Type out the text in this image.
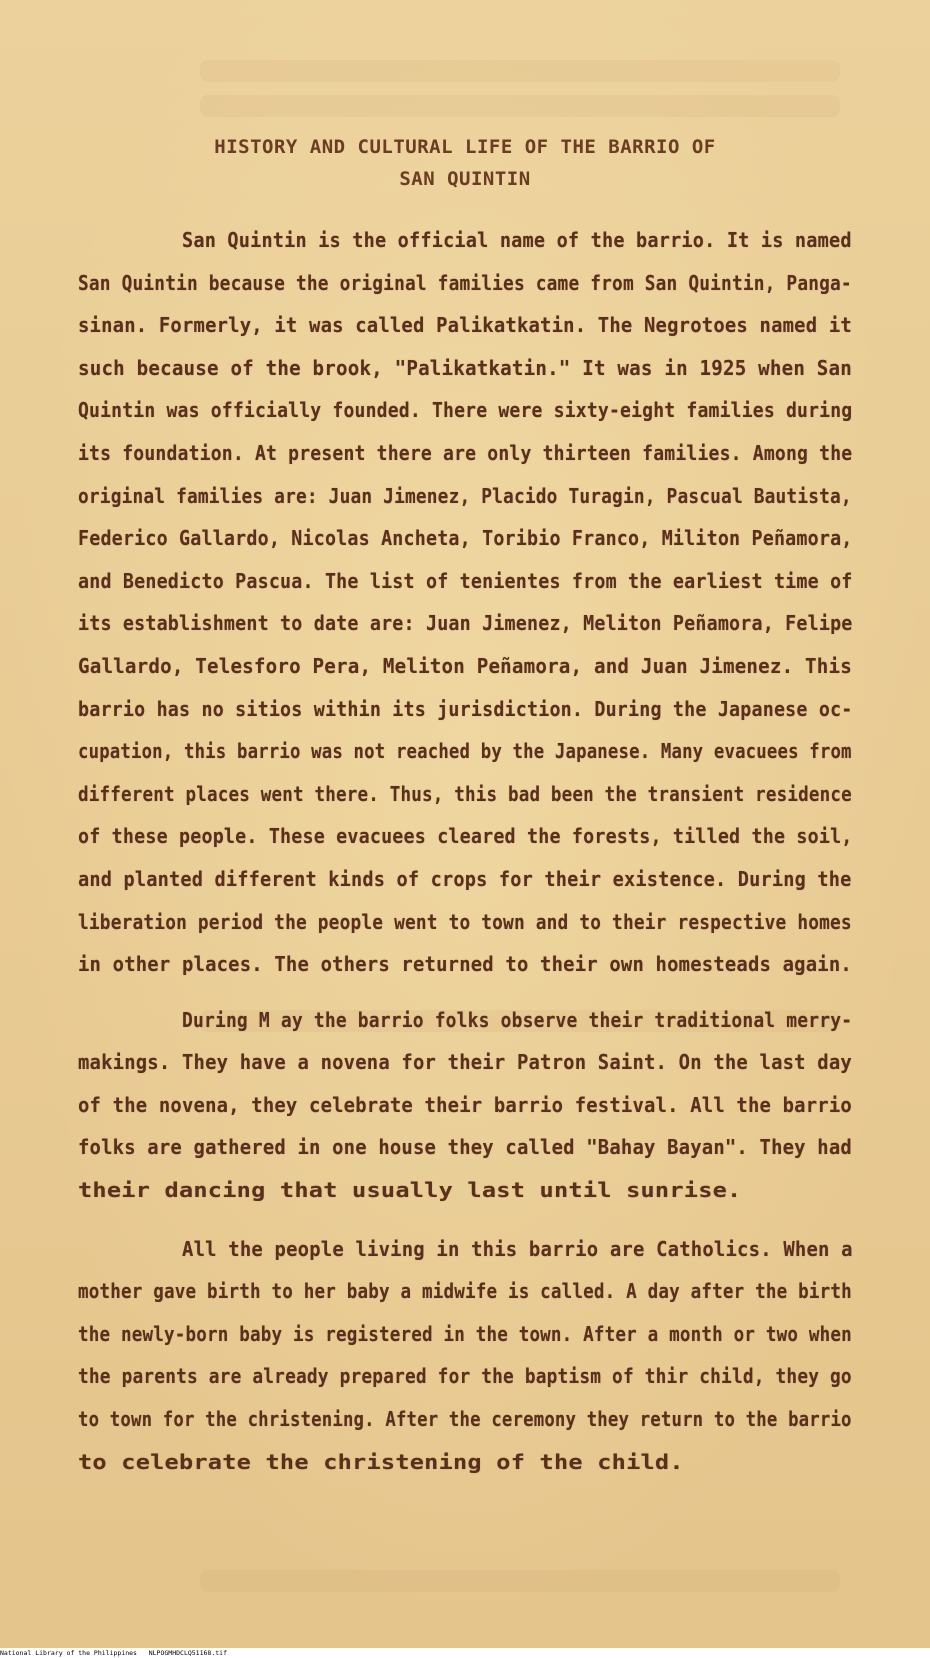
HISTORY AND CULTURAL LIFE OF THE BARRIO OF
SAN QUINTIN
San Quintin is the official name of the barrio. It is named
San Quintin because the original families came from San Quintin, Panga-
sinan. Formerly, it was called Palikatkatin. The Negrotoes named it
such because of the brook, "Palikatkatin." It was in 1925 when San
Quintin was officially founded. There were sixty-eight families during
its foundation. At present there are only thirteen families. Among the
original families are: Juan Jimenez, Placido Turagin, Pascual Bautista,
Federico Gallardo, Nicolas Ancheta, Toribio Franco, Militon Peñamora,
and Benedicto Pascua. The list of tenientes from the earliest time of
its establishment to date are: Juan Jimenez, Meliton Peñamora, Felipe
Gallardo, Telesforo Pera, Meliton Peñamora, and Juan Jimenez. This
barrio has no sitios within its jurisdiction. During the Japanese oc-
cupation, this barrio was not reached by the Japanese. Many evacuees from
different places went there. Thus, this bad been the transient residence
of these people. These evacuees cleared the forests, tilled the soil,
and planted different kinds of crops for their existence. During the
liberation period the people went to town and to their respective homes
in other places. The others returned to their own homesteads again.
During M ay the barrio folks observe their traditional merry-
makings. They have a novena for their Patron Saint. On the last day
of the novena, they celebrate their barrio festival. All the barrio
folks are gathered in one house they called "Bahay Bayan". They had
their dancing that usually last until sunrise.
All the people living in this barrio are Catholics. When a
mother gave birth to her baby a midwife is called. A day after the birth
the newly-born baby is registered in the town. After a month or two when
the parents are already prepared for the baptism of thir child, they go
to town for the christening. After the ceremony they return to the barrio
to celebrate the christening of the child.
National Library of the Philippines NLPOGMHDCLQ51168.tif
